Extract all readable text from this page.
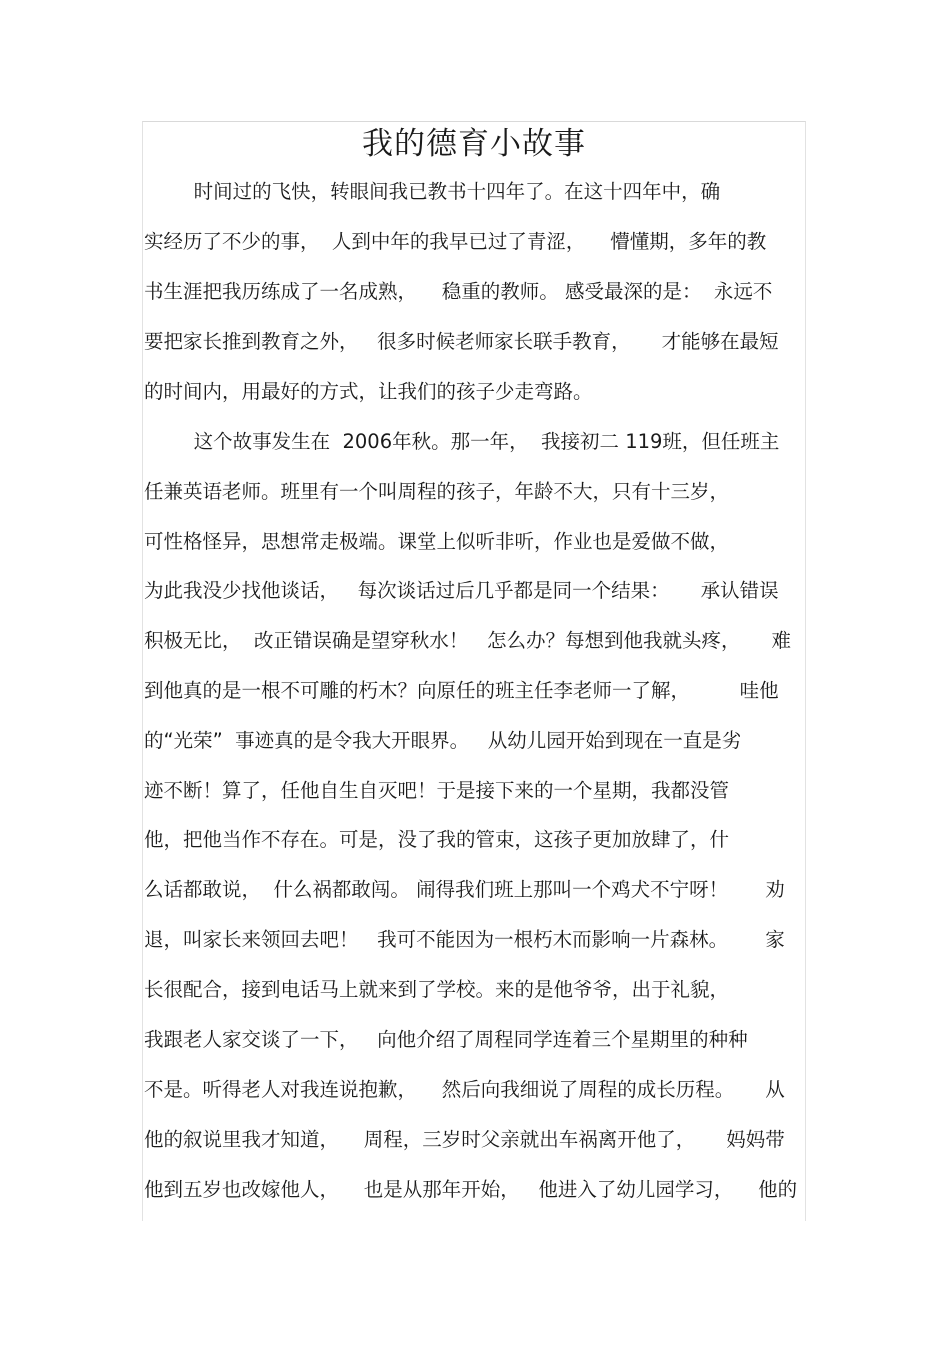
我的德育小故事

时间过的飞快，转眼间我已教书十四年了。在这十四年中，确

实经历了不少的事，  人到中年的我早已过了青涩，    懵懂期，多年的教

书生涯把我历练成了一名成熟，    稳重的教师。 感受最深的是：  永远不

要把家长推到教育之外，   很多时候老师家长联手教育，     才能够在最短

的时间内，用最好的方式，让我们的孩子少走弯路。

这个故事发生在  2006年秋。那一年，  我接初二 119班，但任班主

任兼英语老师。班里有一个叫周程的孩子，年龄不大，只有十三岁，

可性格怪异，思想常走极端。课堂上似听非听，作业也是爱做不做，

为此我没少找他谈话，   每次谈话过后几乎都是同一个结果：     承认错误

积极无比，  改正错误确是望穿秋水！   怎么办？每想到他我就头疼，     难

到他真的是一根不可雕的朽木？向原任的班主任李老师一了解，        哇他

的“光荣”  事迹真的是令我大开眼界。   从幼儿园开始到现在一直是劣

迹不断！算了，任他自生自灭吧！于是接下来的一个星期，我都没管

他，把他当作不存在。可是，没了我的管束，这孩子更加放肆了，什

么话都敢说，  什么祸都敢闯。 闹得我们班上那叫一个鸡犬不宁呀！      劝

退，叫家长来领回去吧！   我可不能因为一根朽木而影响一片森林。      家

长很配合，接到电话马上就来到了学校。来的是他爷爷，出于礼貌，

我跟老人家交谈了一下，   向他介绍了周程同学连着三个星期里的种种

不是。听得老人对我连说抱歉，    然后向我细说了周程的成长历程。     从

他的叙说里我才知道，    周程，三岁时父亲就出车祸离开他了，     妈妈带

他到五岁也改嫁他人，    也是从那年开始，   他进入了幼儿园学习，    他的
